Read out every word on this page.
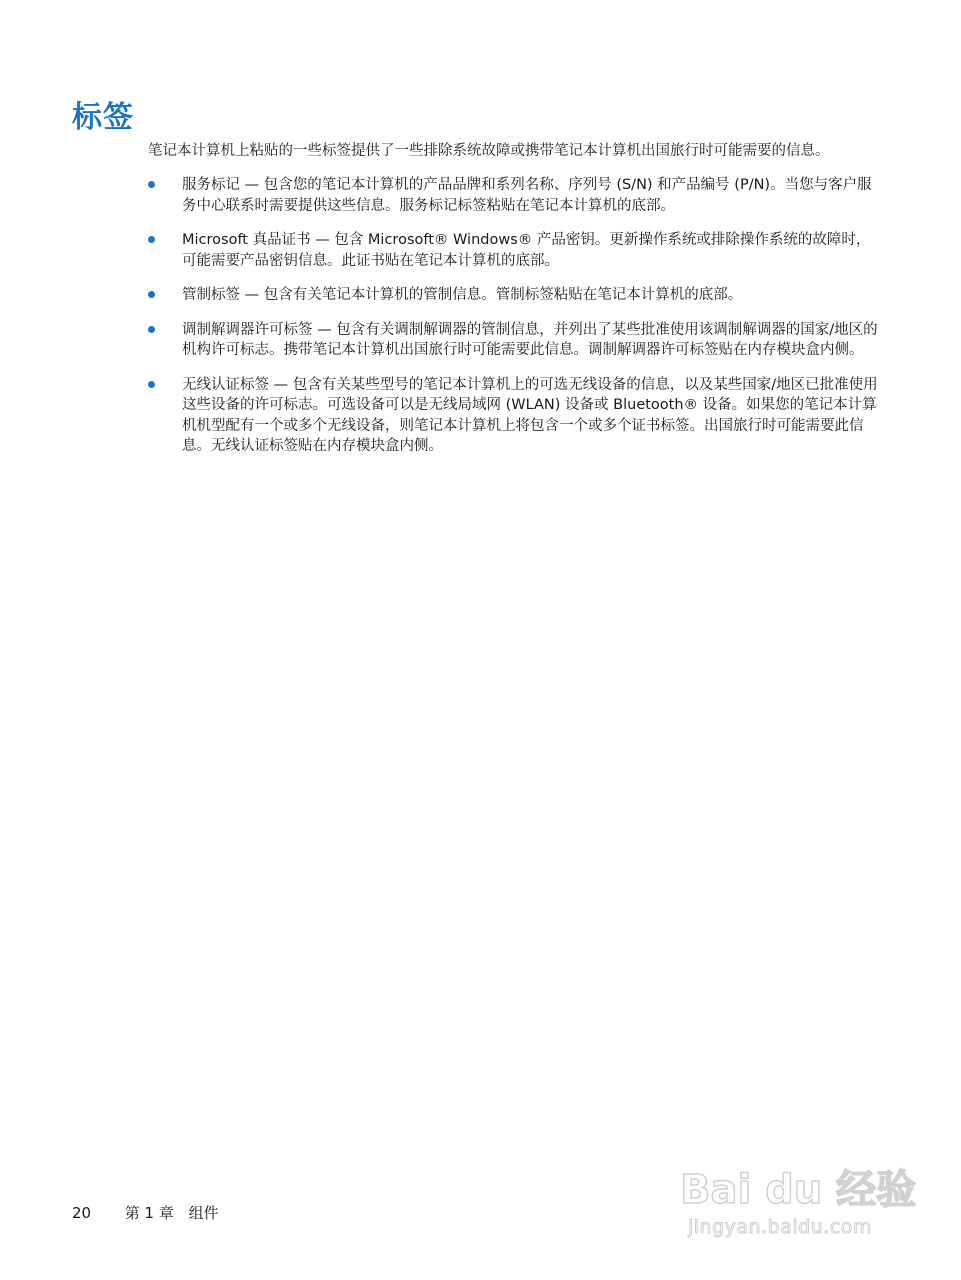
标签

笔记本计算机上粘贴的一些标签提供了一些排除系统故障或携带笔记本计算机出国旅行时可能需要的信息。

服务标记 — 包含您的笔记本计算机的产品品牌和系列名称、序列号 (S/N) 和产品编号 (P/N)。当您与客户服务中心联系时需要提供这些信息。服务标记标签粘贴在笔记本计算机的底部。
Microsoft 真品证书 — 包含 Microsoft® Windows® 产品密钥。更新操作系统或排除操作系统的故障时，可能需要产品密钥信息。此证书贴在笔记本计算机的底部。
管制标签 — 包含有关笔记本计算机的管制信息。管制标签粘贴在笔记本计算机的底部。
调制解调器许可标签 — 包含有关调制解调器的管制信息，并列出了某些批准使用该调制解调器的国家/地区的机构许可标志。携带笔记本计算机出国旅行时可能需要此信息。调制解调器许可标签贴在内存模块盒内侧。
无线认证标签 — 包含有关某些型号的笔记本计算机上的可选无线设备的信息，以及某些国家/地区已批准使用这些设备的许可标志。可选设备可以是无线局域网 (WLAN) 设备或 Bluetooth® 设备。如果您的笔记本计算机机型配有一个或多个无线设备，则笔记本计算机上将包含一个或多个证书标签。出国旅行时可能需要此信息。无线认证标签贴在内存模块盒内侧。
20 第 1 章 组件	Bai du 经验
jingyan.baidu.com
